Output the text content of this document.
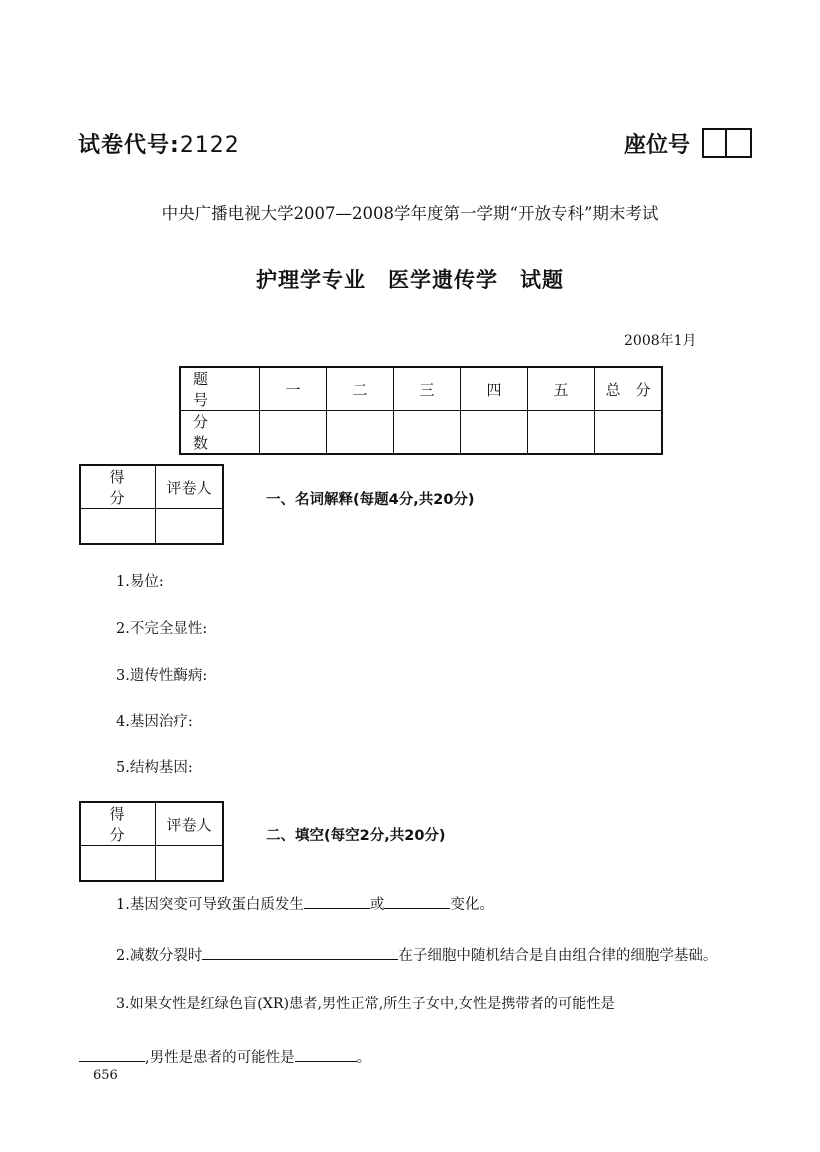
试卷代号:2122	座位号
中央广播电视大学2007—2008学年度第一学期“开放专科”期末考试
护理学专业　医学遗传学　试题
2008年1月
题　号	一	二	三	四	五	总　分
分　数						
得　分	评卷人

一、名词解释(每题4分,共20分)
1.易位:
2.不完全显性:
3.遗传性酶病:
4.基因治疗:
5.结构基因:
得　分	评卷人

二、填空(每空2分,共20分)
1.基因突变可导致蛋白质发生	或	变化。
2.减数分裂时	在子细胞中随机结合是自由组合律的细胞学基础。
3.如果女性是红绿色盲(XR)患者,男性正常,所生子女中,女性是携带者的可能性是
,男性是患者的可能性是	。
656
